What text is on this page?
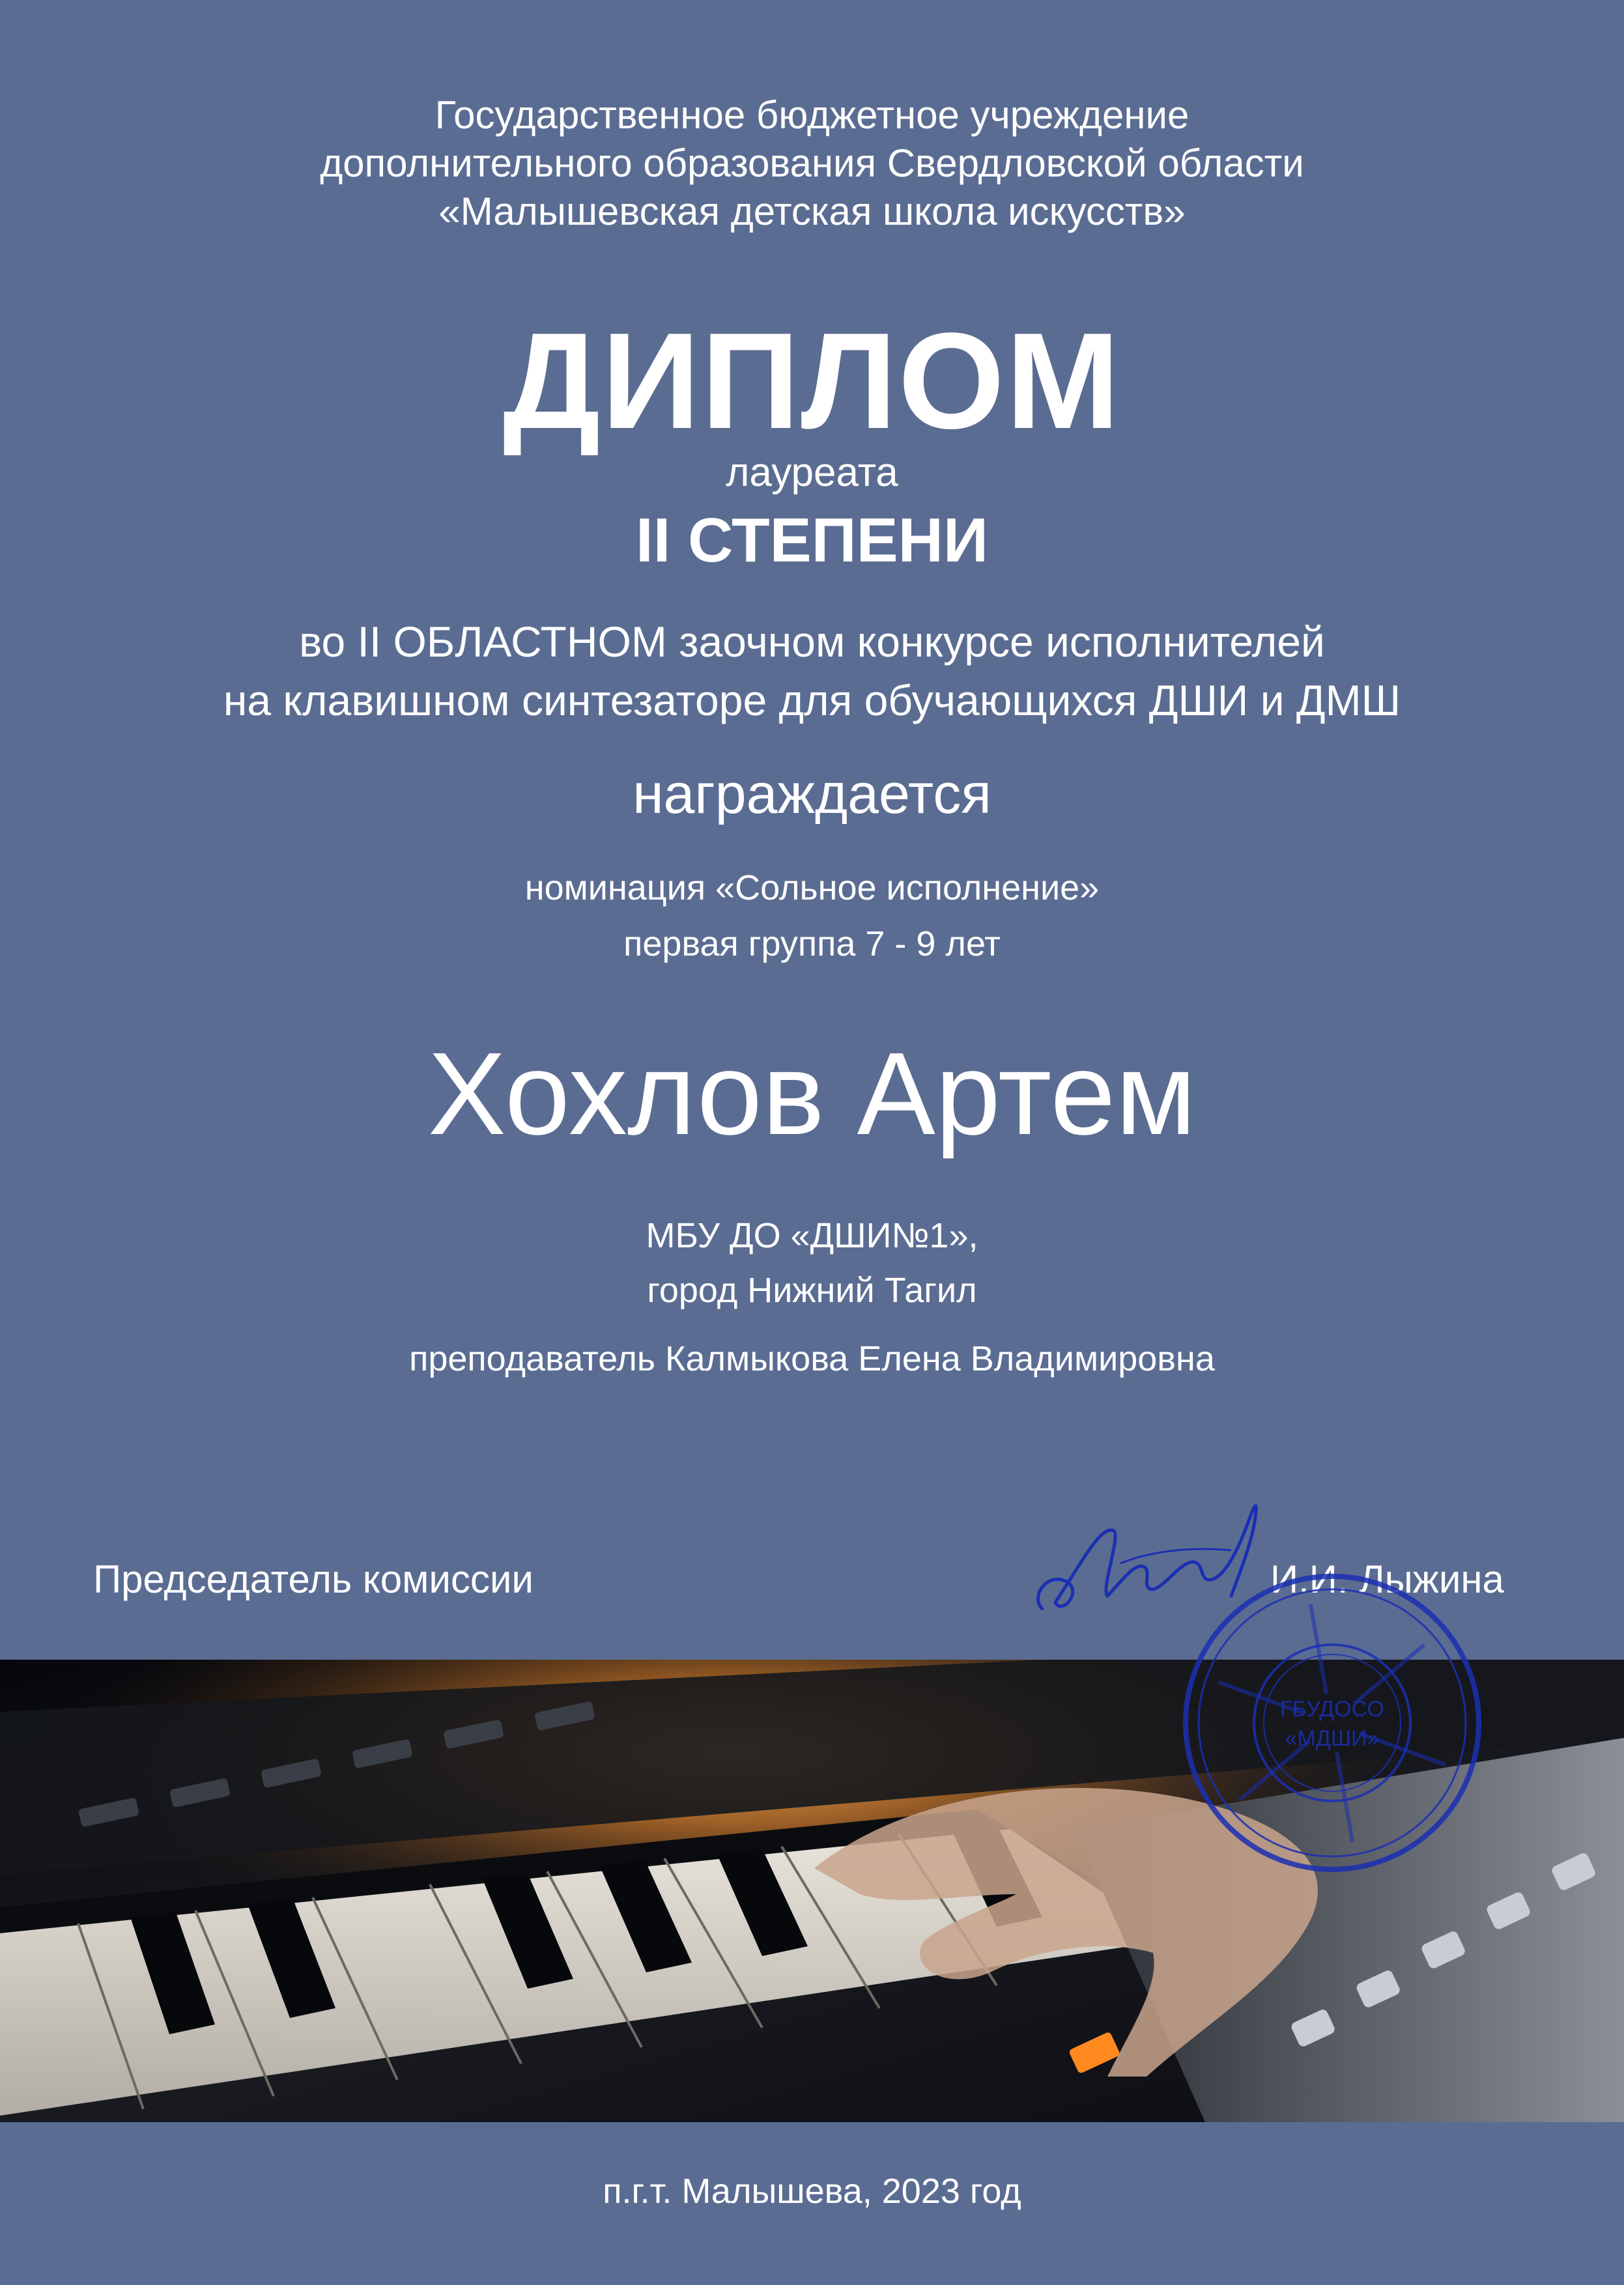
Государственное бюджетное учреждение
дополнительного образования Свердловской области
«Малышевская детская школа искусств»
ДИПЛОМ
лауреата
II СТЕПЕНИ
во II ОБЛАСТНОМ заочном конкурсе исполнителей
на клавишном синтезаторе для обучающихся ДШИ и ДМШ
награждается
номинация «Сольное исполнение»
первая группа 7 - 9 лет
Хохлов Артем
МБУ ДО «ДШИ№1»,
город Нижний Тагил
преподаватель Калмыкова Елена Владимировна
Председатель комиссии	И.И. Лыжина
ГБУДОСО
«МДШИ»
п.г.т. Малышева, 2023 год
